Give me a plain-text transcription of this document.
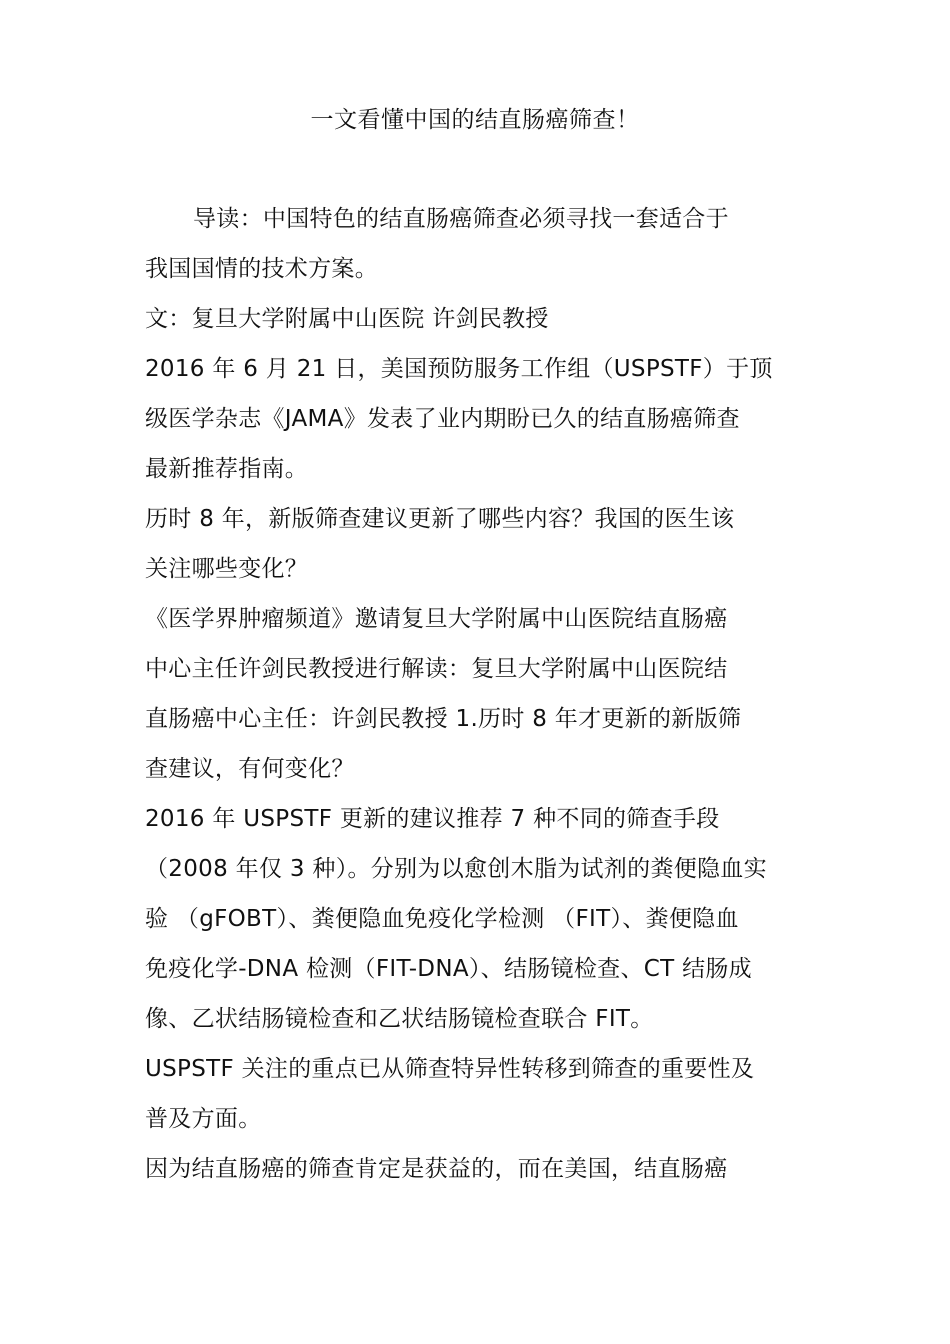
一文看懂中国的结直肠癌筛查！
导读：中国特色的结直肠癌筛查必须寻找一套适合于
我国国情的技术方案。
文：复旦大学附属中山医院 许剑民教授
2016 年 6 月 21 日，美国预防服务工作组（USPSTF）于顶
级医学杂志《JAMA》发表了业内期盼已久的结直肠癌筛查
最新推荐指南。
历时 8 年，新版筛查建议更新了哪些内容？我国的医生该
关注哪些变化？
《医学界肿瘤频道》邀请复旦大学附属中山医院结直肠癌
中心主任许剑民教授进行解读：复旦大学附属中山医院结
直肠癌中心主任：许剑民教授 1.历时 8 年才更新的新版筛
查建议，有何变化？
2016 年 USPSTF 更新的建议推荐 7 种不同的筛查手段
（2008 年仅 3 种）。分别为以愈创木脂为试剂的粪便隐血实
验 （gFOBT）、粪便隐血免疫化学检测 （FIT）、粪便隐血
免疫化学-DNA 检测（FIT-DNA）、结肠镜检查、CT 结肠成
像、乙状结肠镜检查和乙状结肠镜检查联合 FIT。
USPSTF 关注的重点已从筛查特异性转移到筛查的重要性及
普及方面。
因为结直肠癌的筛查肯定是获益的，而在美国，结直肠癌
